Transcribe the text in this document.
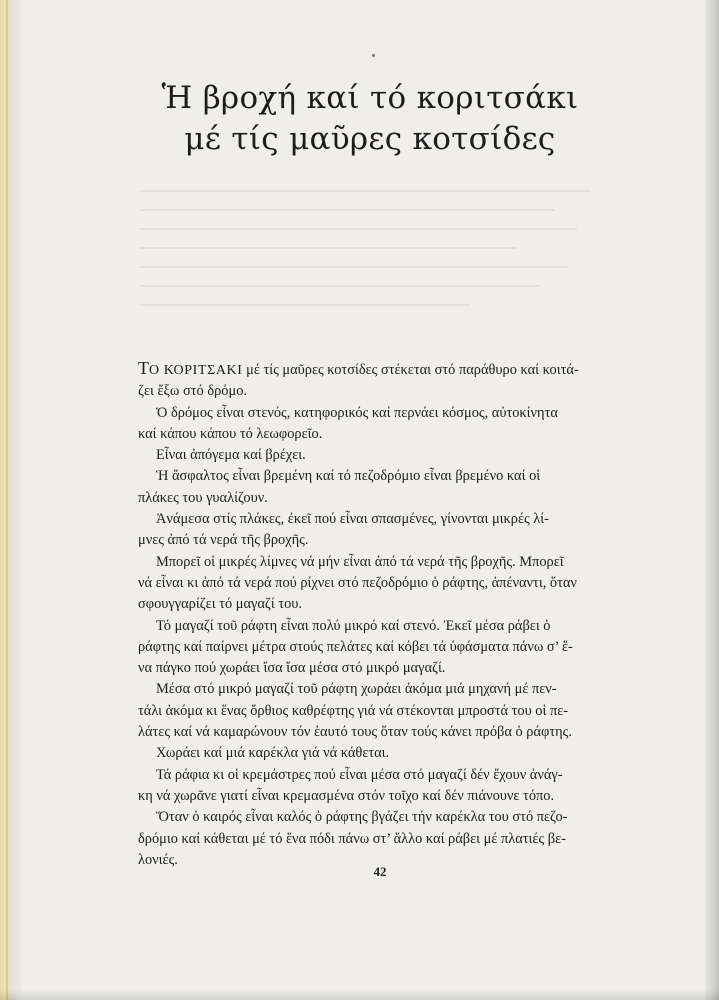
Ἡ βροχή καί τό κοριτσάκι
μέ τίς μαῦρες κοτσίδες
ΤΟ ΚΟΡΙΤΣΑΚΙ μέ τίς μαῦρες κοτσίδες στέκεται στό παράθυρο καί κοιτά-

ζει ἔξω στό δρόμο.

Ὁ δρόμος εἶναι στενός, κατηφορικός καί περνάει κόσμος, αὐτοκίνητα
καί κάπου κάπου τό λεωφορεῖο.

Εἶναι ἀπόγεμα καί βρέχει.

Ἡ ἄσφαλτος εἶναι βρεμένη καί τό πεζοδρόμιο εἶναι βρεμένο καί οἱ
πλάκες του γυαλίζουν.

Ἀνάμεσα στίς πλάκες, ἐκεῖ πού εἶναι σπασμένες, γίνονται μικρές λί-
μνες ἀπό τά νερά τῆς βροχῆς.

Μπορεῖ οἱ μικρές λίμνες νά μήν εἶναι ἀπό τά νερά τῆς βροχῆς. Μπορεῖ
νά εἶναι κι ἀπό τά νερά πού ρίχνει στό πεζοδρόμιο ὁ ράφτης, ἀπέναντι, ὅταν
σφουγγαρίζει τό μαγαζί του.

Τό μαγαζί τοῦ ράφτη εἶναι πολύ μικρό καί στενό. Ἐκεῖ μέσα ράβει ὁ
ράφτης καί παίρνει μέτρα στούς πελάτες καί κόβει τά ὑφάσματα πάνω σ’ ἕ-
να πάγκο πού χωράει ἴσα ἴσα μέσα στό μικρό μαγαζί.

Μέσα στό μικρό μαγαζί τοῦ ράφτη χωράει ἀκόμα μιά μηχανή μέ πεν-
τάλι ἀκόμα κι ἕνας ὄρθιος καθρέφτης γιά νά στέκονται μπροστά του οἱ πε-
λάτες καί νά καμαρώνουν τόν ἑαυτό τους ὅταν τούς κάνει πρόβα ὁ ράφτης.

Χωράει καί μιά καρέκλα γιά νά κάθεται.

Τά ράφια κι οἱ κρεμάστρες πού εἶναι μέσα στό μαγαζί δέν ἔχουν ἀνάγ-
κη νά χωρᾶνε γιατί εἶναι κρεμασμένα στόν τοῖχο καί δέν πιάνουνε τόπο.

Ὅταν ὁ καιρός εἶναι καλός ὁ ράφτης βγάζει τήν καρέκλα του στό πεζο-
δρόμιο καί κάθεται μέ τό ἕνα πόδι πάνω στ’ ἄλλο καί ράβει μέ πλατιές βε-
λονιές.

42
